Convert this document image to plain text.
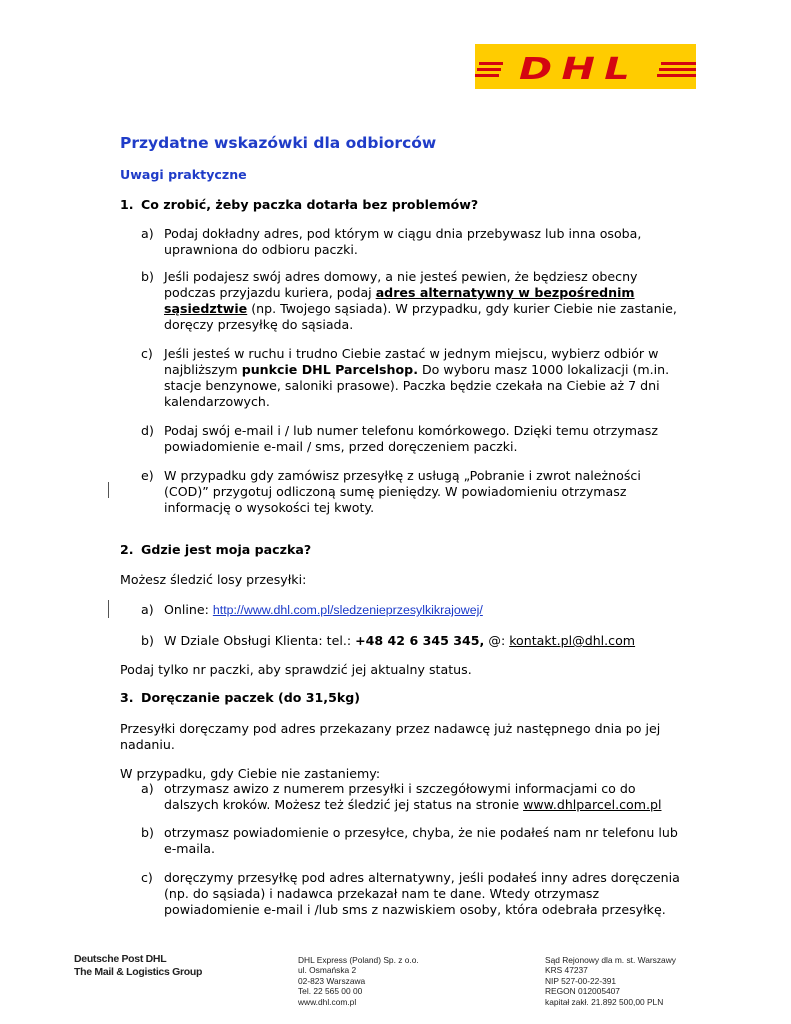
DHL
Przydatne wskazówki dla odbiorców
Uwagi praktyczne
1. Co zrobić, żeby paczka dotarła bez problemów?
a) Podaj dokładny adres, pod którym w ciągu dnia przebywasz lub inna osoba,
uprawniona do odbioru paczki.
b) Jeśli podajesz swój adres domowy, a nie jesteś pewien, że będziesz obecny
podczas przyjazdu kuriera, podaj adres alternatywny w bezpośrednim
sąsiedztwie (np. Twojego sąsiada). W przypadku, gdy kurier Ciebie nie zastanie,
doręczy przesyłkę do sąsiada.
c) Jeśli jesteś w ruchu i trudno Ciebie zastać w jednym miejscu, wybierz odbiór w
najbliższym punkcie DHL Parcelshop. Do wyboru masz 1000 lokalizacji (m.in.
stacje benzynowe, saloniki prasowe). Paczka będzie czekała na Ciebie aż 7 dni
kalendarzowych.
d) Podaj swój e-mail i / lub numer telefonu komórkowego. Dzięki temu otrzymasz
powiadomienie e-mail / sms, przed doręczeniem paczki.
e) W przypadku gdy zamówisz przesyłkę z usługą „Pobranie i zwrot należności
(COD)” przygotuj odliczoną sumę pieniędzy. W powiadomieniu otrzymasz
informację o wysokości tej kwoty.
2. Gdzie jest moja paczka?
Możesz śledzić losy przesyłki:
a) Online: http://www.dhl.com.pl/sledzenieprzesylkikrajowej/
b) W Dziale Obsługi Klienta: tel.: +48 42 6 345 345, @: kontakt.pl@dhl.com
Podaj tylko nr paczki, aby sprawdzić jej aktualny status.
3. Doręczanie paczek (do 31,5kg)
Przesyłki doręczamy pod adres przekazany przez nadawcę już następnego dnia po jej
nadaniu.
W przypadku, gdy Ciebie nie zastaniemy:
a) otrzymasz awizo z numerem przesyłki i szczegółowymi informacjami co do
dalszych kroków. Możesz też śledzić jej status na stronie www.dhlparcel.com.pl
b) otrzymasz powiadomienie o przesyłce, chyba, że nie podałeś nam nr telefonu lub
e-maila.
c) doręczymy przesyłkę pod adres alternatywny, jeśli podałeś inny adres doręczenia
(np. do sąsiada) i nadawca przekazał nam te dane. Wtedy otrzymasz
powiadomienie e-mail i /lub sms z nazwiskiem osoby, która odebrała przesyłkę.
Deutsche Post DHL
The Mail & Logistics Group
DHL Express (Poland) Sp. z o.o.
ul. Osmańska 2
02-823 Warszawa
Tel. 22 565 00 00
www.dhl.com.pl
Sąd Rejonowy dla m. st. Warszawy
KRS 47237
NIP 527-00-22-391
REGON 012005407
kapitał zakł. 21.892 500,00 PLN
